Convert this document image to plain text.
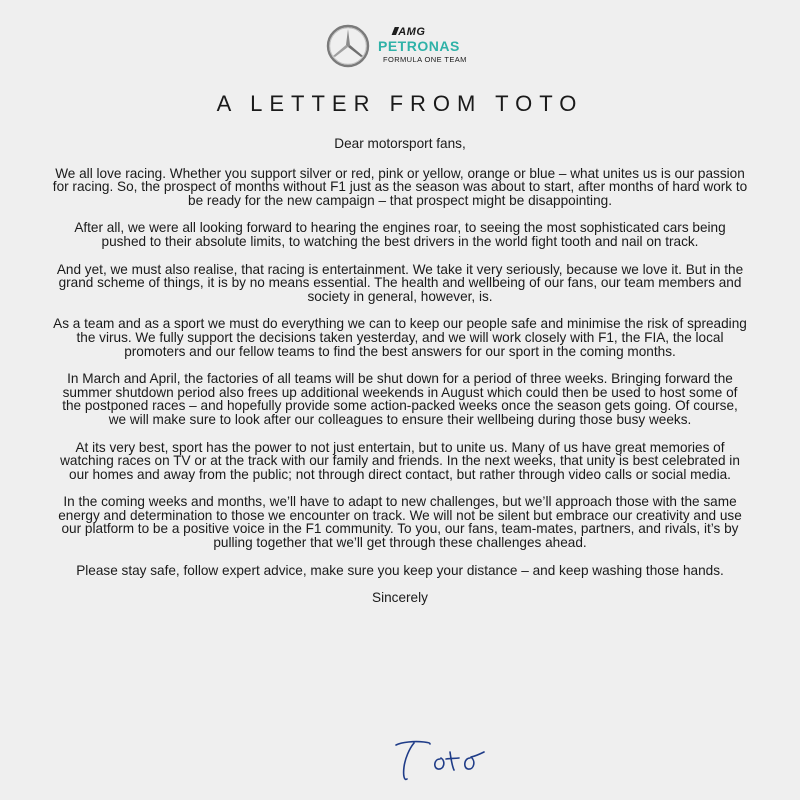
//// AMG
PETRONAS
FORMULA ONE TEAM
A LETTER FROM TOTO

Dear motorsport fans,

We all love racing. Whether you support silver or red, pink or yellow, orange or blue – what unites us is our passion for racing. So, the prospect of months without F1 just as the season was about to start, after months of hard work to be ready for the new campaign – that prospect might be disappointing.

After all, we were all looking forward to hearing the engines roar, to seeing the most sophisticated cars being pushed to their absolute limits, to watching the best drivers in the world fight tooth and nail on track.

And yet, we must also realise, that racing is entertainment. We take it very seriously, because we love it. But in the grand scheme of things, it is by no means essential. The health and wellbeing of our fans, our team members and society in general, however, is.

As a team and as a sport we must do everything we can to keep our people safe and minimise the risk of spreading the virus. We fully support the decisions taken yesterday, and we will work closely with F1, the FIA, the local promoters and our fellow teams to find the best answers for our sport in the coming months.

In March and April, the factories of all teams will be shut down for a period of three weeks. Bringing forward the summer shutdown period also frees up additional weekends in August which could then be used to host some of the postponed races – and hopefully provide some action-packed weeks once the season gets going. Of course, we will make sure to look after our colleagues to ensure their wellbeing during those busy weeks.

At its very best, sport has the power to not just entertain, but to unite us. Many of us have great memories of watching races on TV or at the track with our family and friends. In the next weeks, that unity is best celebrated in our homes and away from the public; not through direct contact, but rather through video calls or social media.

In the coming weeks and months, we’ll have to adapt to new challenges, but we’ll approach those with the same energy and determination to those we encounter on track. We will not be silent but embrace our creativity and use our platform to be a positive voice in the F1 community. To you, our fans, team-mates, partners, and rivals, it’s by pulling together that we’ll get through these challenges ahead.

Please stay safe, follow expert advice, make sure you keep your distance – and keep washing those hands.

Sincerely
